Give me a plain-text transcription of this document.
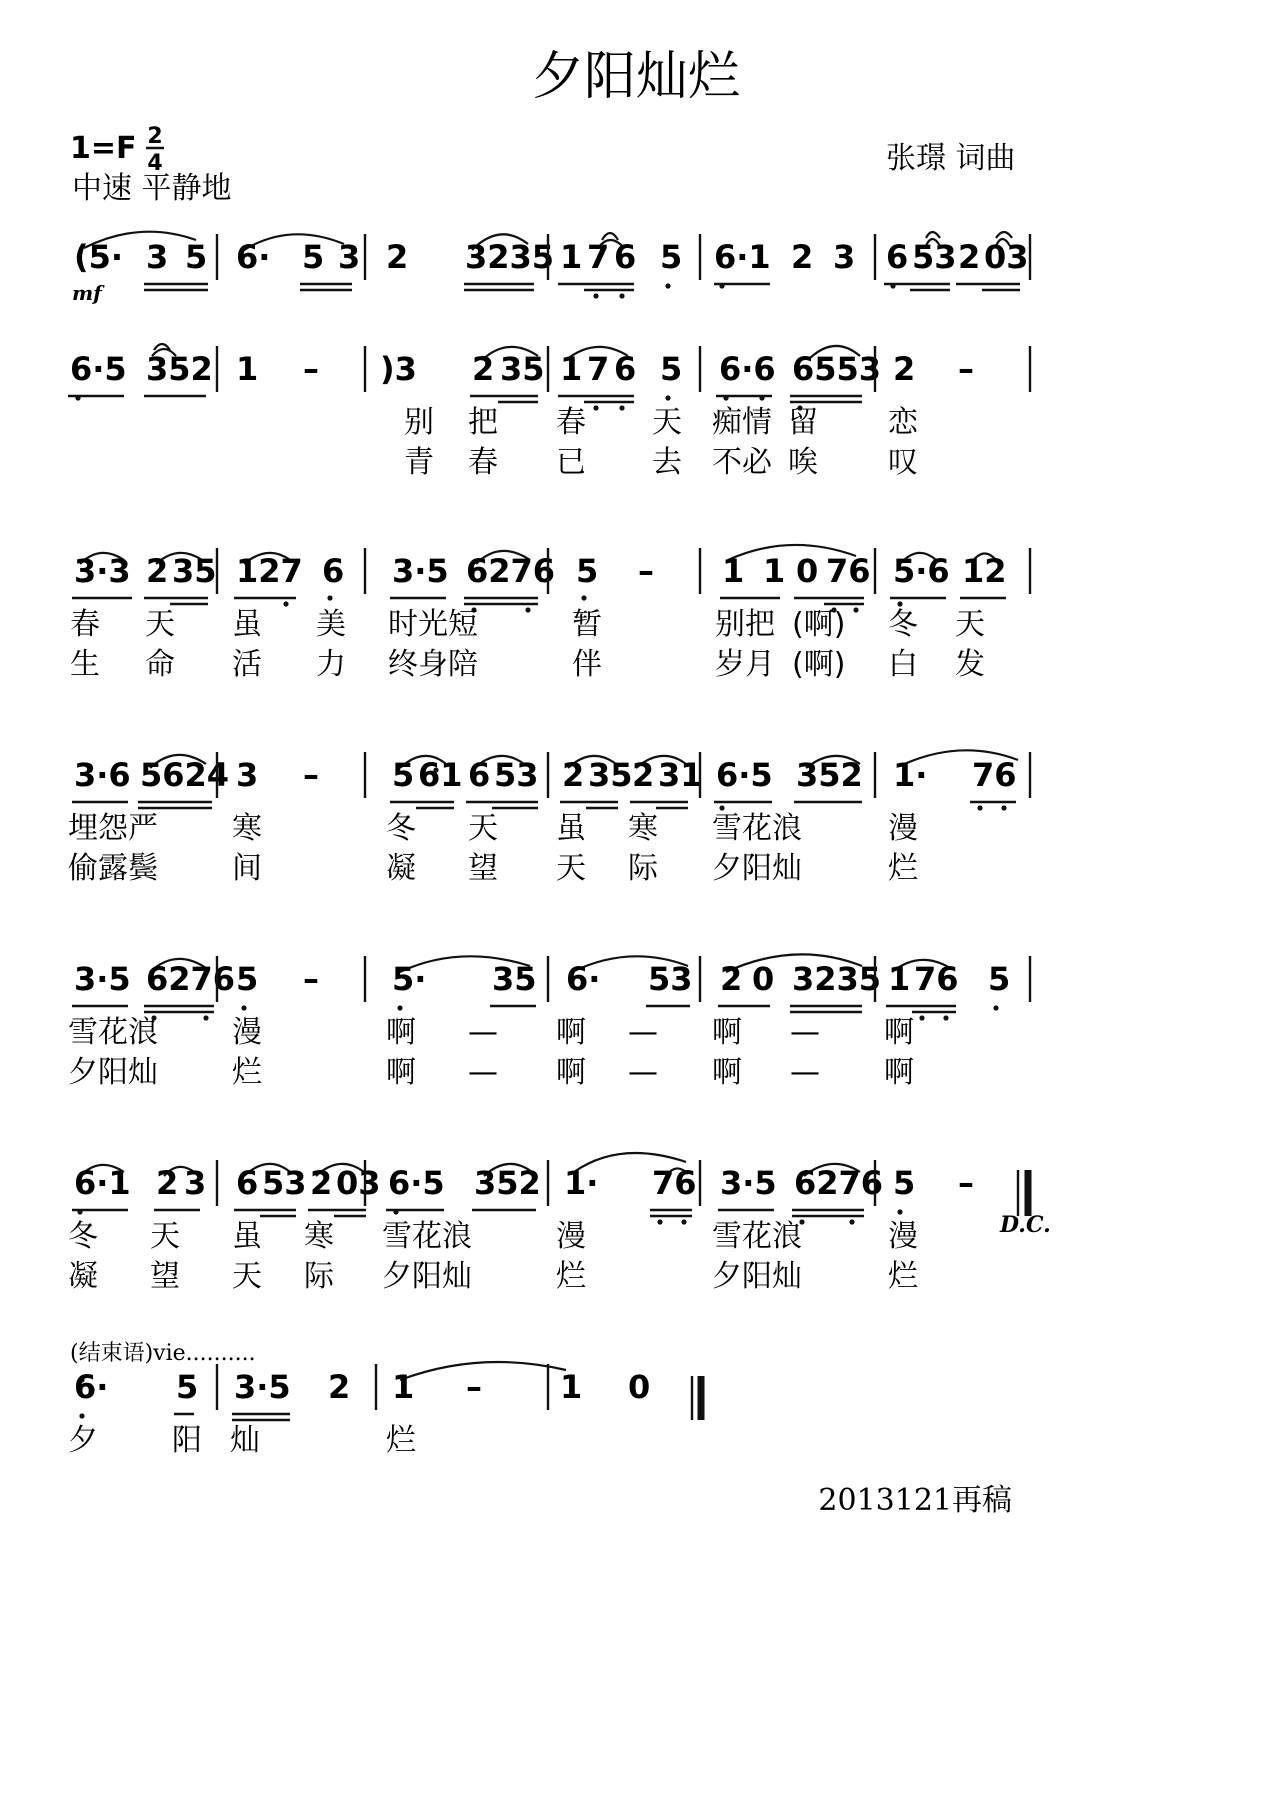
夕阳灿烂
1=F 2
4
中速 平静地
张璟 词曲
mf
D.C.
(结束语)vie..........
2013121再稿
(5· 3 5 6· 5 3 2 3235 1 7 6 5 6·1 2 3 6 53 2 03
6·5 352 1 – )3 2 35 1 7 6 5 6·6 6553 2 –
别 把 春 天 痴情 留 恋
青 春 已 去 不必 唉 叹
3·3 2 35 127 6 3·5 6276 5 – 1 1 0 76 5·6 12
春 天 虽 美 时光短	暂	别把 (啊) 冬 天
生 命 活 力 终身陪	伴	岁月 (啊) 白 发
3·6 5624 3 – 5 61 6 53 2 35 2 31 6·5 352 1· 76
埋怨严 寒	冬 天 虽 寒 雪花浪	漫
偷露鬓 间	凝 望 天 际 夕阳灿	烂
3·5 6276 5 – 5· 35 6· 53 2 0 3235 1 76 5
雪花浪 漫	啊 — 啊 — 啊 — 啊
夕阳灿 烂	啊 — 啊 — 啊 — 啊
6·1 2 3 6 53 2 03 6·5 352 1· 76 3·5 6276 5 –
冬 天 虽 寒 雪花浪	漫	雪花浪	漫
凝 望 天 际 夕阳灿	烂	夕阳灿	烂
6· 5 3·5 2 1 – 1 0
夕 阳 灿	烂
